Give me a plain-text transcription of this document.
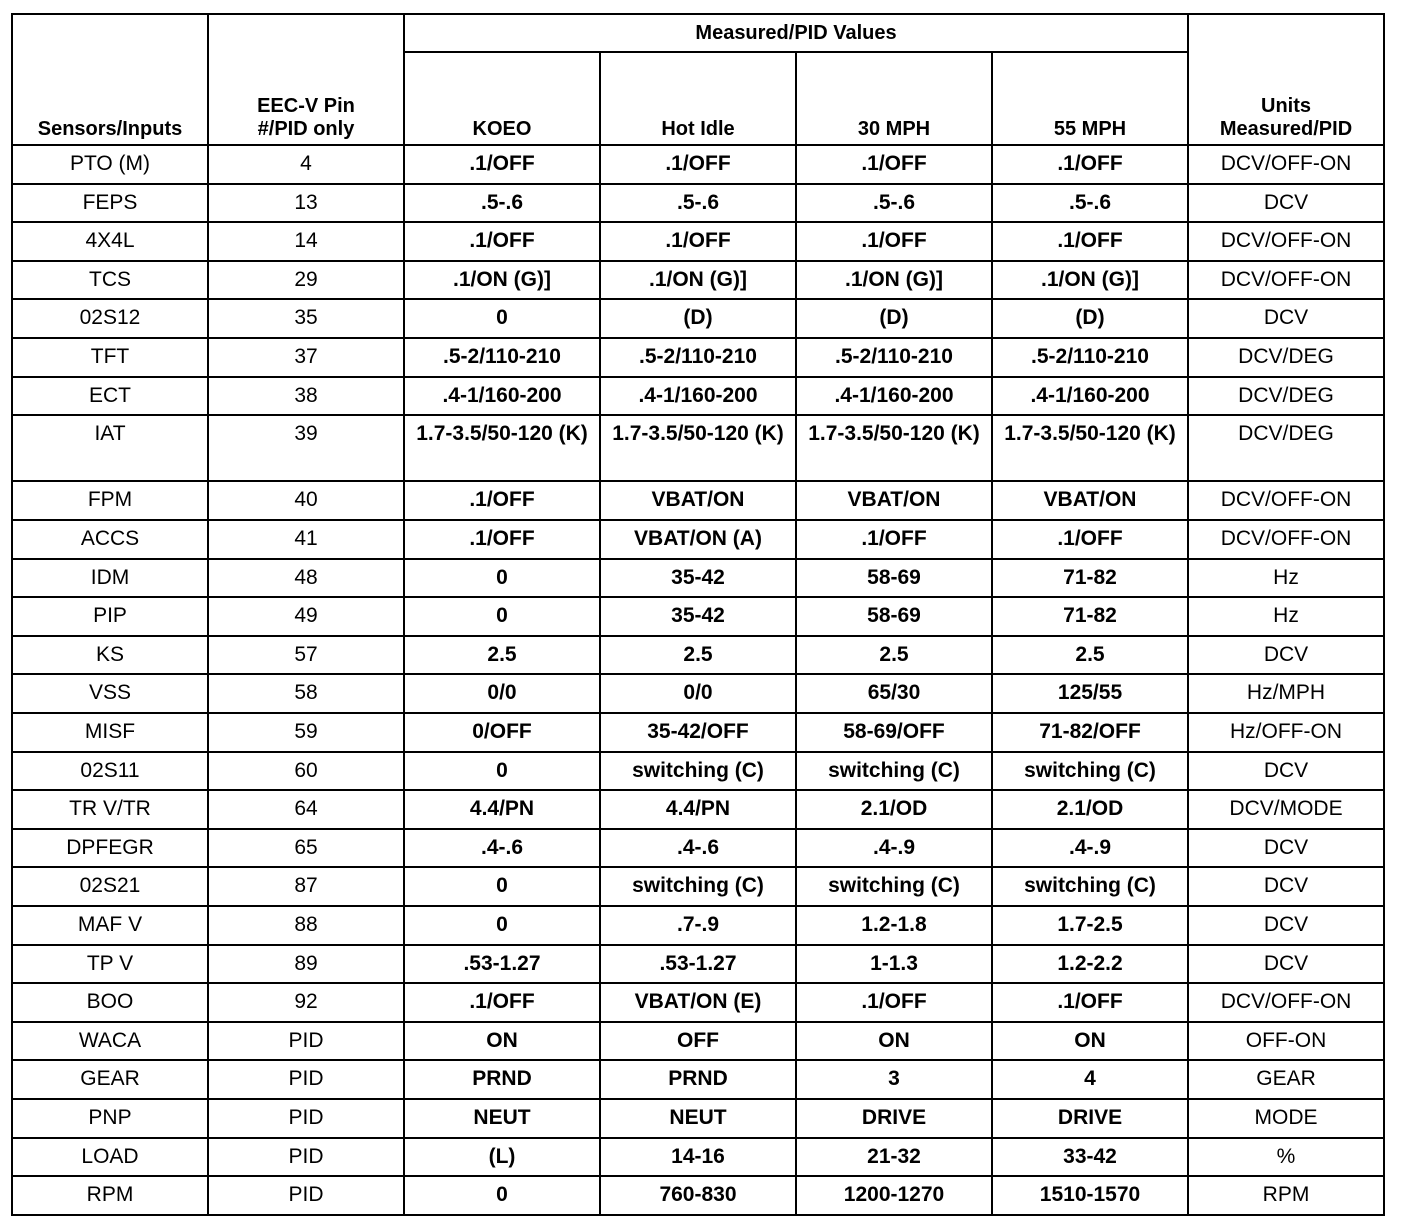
Sensors/Inputs	EEC-V Pin #/PID only	Measured/PID Values				Units Measured/PID
		KOEO	Hot Idle	30 MPH	55 MPH	
PTO (M)	4	.1/OFF	.1/OFF	.1/OFF	.1/OFF	DCV/OFF-ON
FEPS	13	.5-.6	.5-.6	.5-.6	.5-.6	DCV
4X4L	14	.1/OFF	.1/OFF	.1/OFF	.1/OFF	DCV/OFF-ON
TCS	29	.1/ON (G)]	.1/ON (G)]	.1/ON (G)]	.1/ON (G)]	DCV/OFF-ON
02S12	35	0	(D)	(D)	(D)	DCV
TFT	37	.5-2/110-210	.5-2/110-210	.5-2/110-210	.5-2/110-210	DCV/DEG
ECT	38	.4-1/160-200	.4-1/160-200	.4-1/160-200	.4-1/160-200	DCV/DEG
IAT	39	1.7-3.5/50-120 (K)	1.7-3.5/50-120 (K)	1.7-3.5/50-120 (K)	1.7-3.5/50-120 (K)	DCV/DEG
FPM	40	.1/OFF	VBAT/ON	VBAT/ON	VBAT/ON	DCV/OFF-ON
ACCS	41	.1/OFF	VBAT/ON (A)	.1/OFF	.1/OFF	DCV/OFF-ON
IDM	48	0	35-42	58-69	71-82	Hz
PIP	49	0	35-42	58-69	71-82	Hz
KS	57	2.5	2.5	2.5	2.5	DCV
VSS	58	0/0	0/0	65/30	125/55	Hz/MPH
MISF	59	0/OFF	35-42/OFF	58-69/OFF	71-82/OFF	Hz/OFF-ON
02S11	60	0	switching (C)	switching (C)	switching (C)	DCV
TR V/TR	64	4.4/PN	4.4/PN	2.1/OD	2.1/OD	DCV/MODE
DPFEGR	65	.4-.6	.4-.6	.4-.9	.4-.9	DCV
02S21	87	0	switching (C)	switching (C)	switching (C)	DCV
MAF V	88	0	.7-.9	1.2-1.8	1.7-2.5	DCV
TP V	89	.53-1.27	.53-1.27	1-1.3	1.2-2.2	DCV
BOO	92	.1/OFF	VBAT/ON (E)	.1/OFF	.1/OFF	DCV/OFF-ON
WACA	PID	ON	OFF	ON	ON	OFF-ON
GEAR	PID	PRND	PRND	3	4	GEAR
PNP	PID	NEUT	NEUT	DRIVE	DRIVE	MODE
LOAD	PID	(L)	14-16	21-32	33-42	%
RPM	PID	0	760-830	1200-1270	1510-1570	RPM
